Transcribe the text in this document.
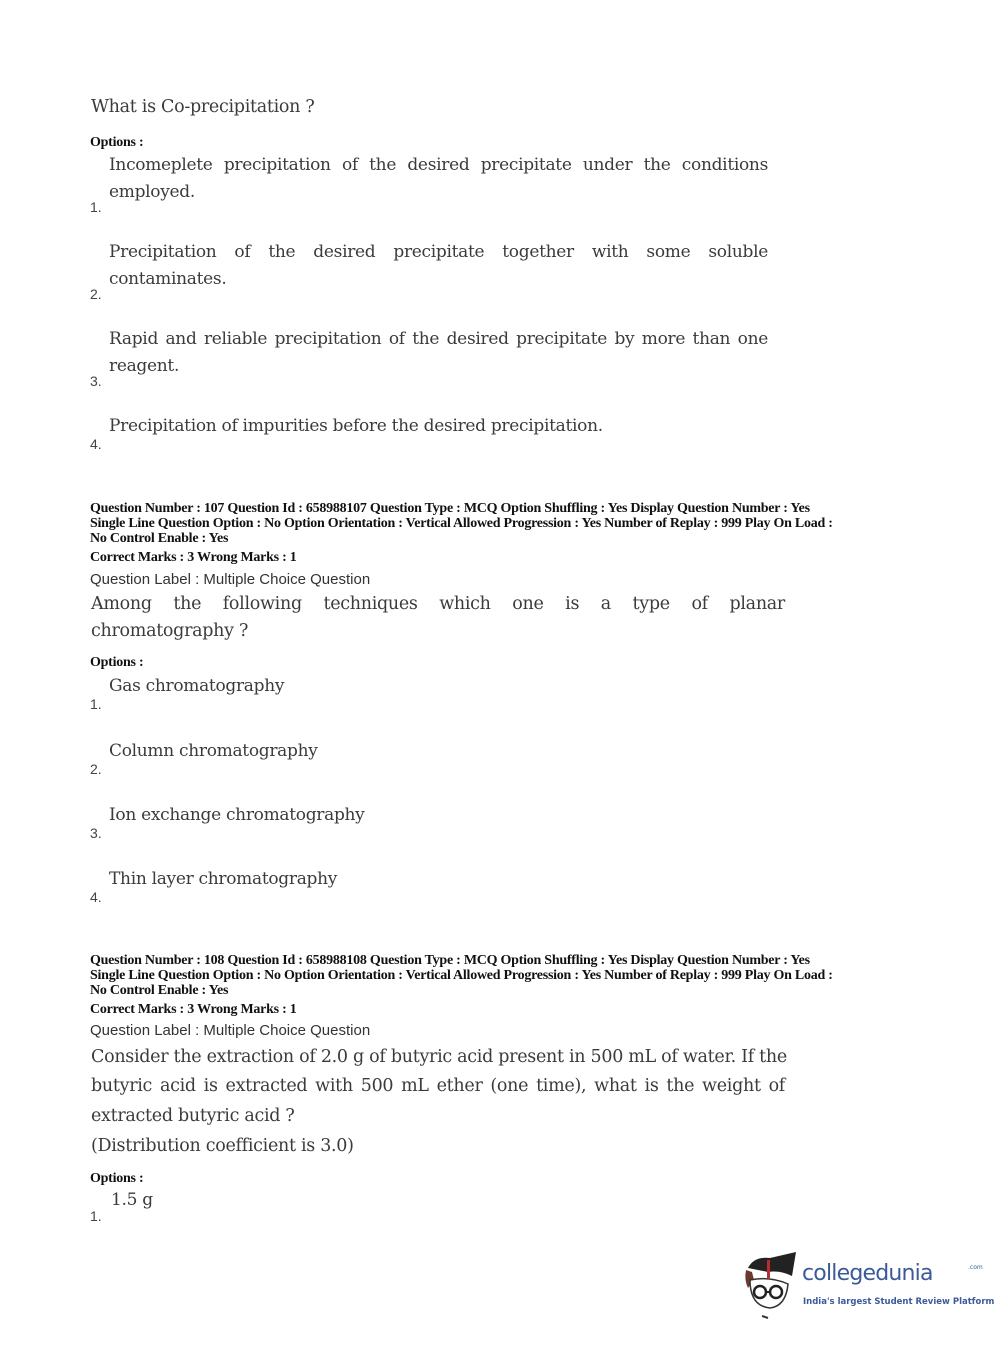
What is Co-precipitation ?
Options :
Incomeplete precipitation of the desired precipitate under the conditions
employed.
1.
Precipitation of the desired precipitate together with some soluble
contaminates.
2.
Rapid and reliable precipitation of the desired precipitate by more than one
reagent.
3.
Precipitation of impurities before the desired precipitation.
4.
Question Number : 107 Question Id : 658988107 Question Type : MCQ Option Shuffling : Yes Display Question Number : Yes
Single Line Question Option : No Option Orientation : Vertical Allowed Progression : Yes Number of Replay : 999 Play On Load :
No Control Enable : Yes
Correct Marks : 3 Wrong Marks : 1
Question Label : Multiple Choice Question
Among the following techniques which one is a type of planar
chromatography ?
Options :
Gas chromatography
1.
Column chromatography
2.
Ion exchange chromatography
3.
Thin layer chromatography
4.
Question Number : 108 Question Id : 658988108 Question Type : MCQ Option Shuffling : Yes Display Question Number : Yes
Single Line Question Option : No Option Orientation : Vertical Allowed Progression : Yes Number of Replay : 999 Play On Load :
No Control Enable : Yes
Correct Marks : 3 Wrong Marks : 1
Question Label : Multiple Choice Question
Consider the extraction of 2.0 g of butyric acid present in 500 mL of water. If the
butyric acid is extracted with 500 mL ether (one time), what is the weight of
extracted butyric acid ?
(Distribution coefficient is 3.0)
Options :
1.5 g
1.
collegedunia	.com
India's largest Student Review Platform
